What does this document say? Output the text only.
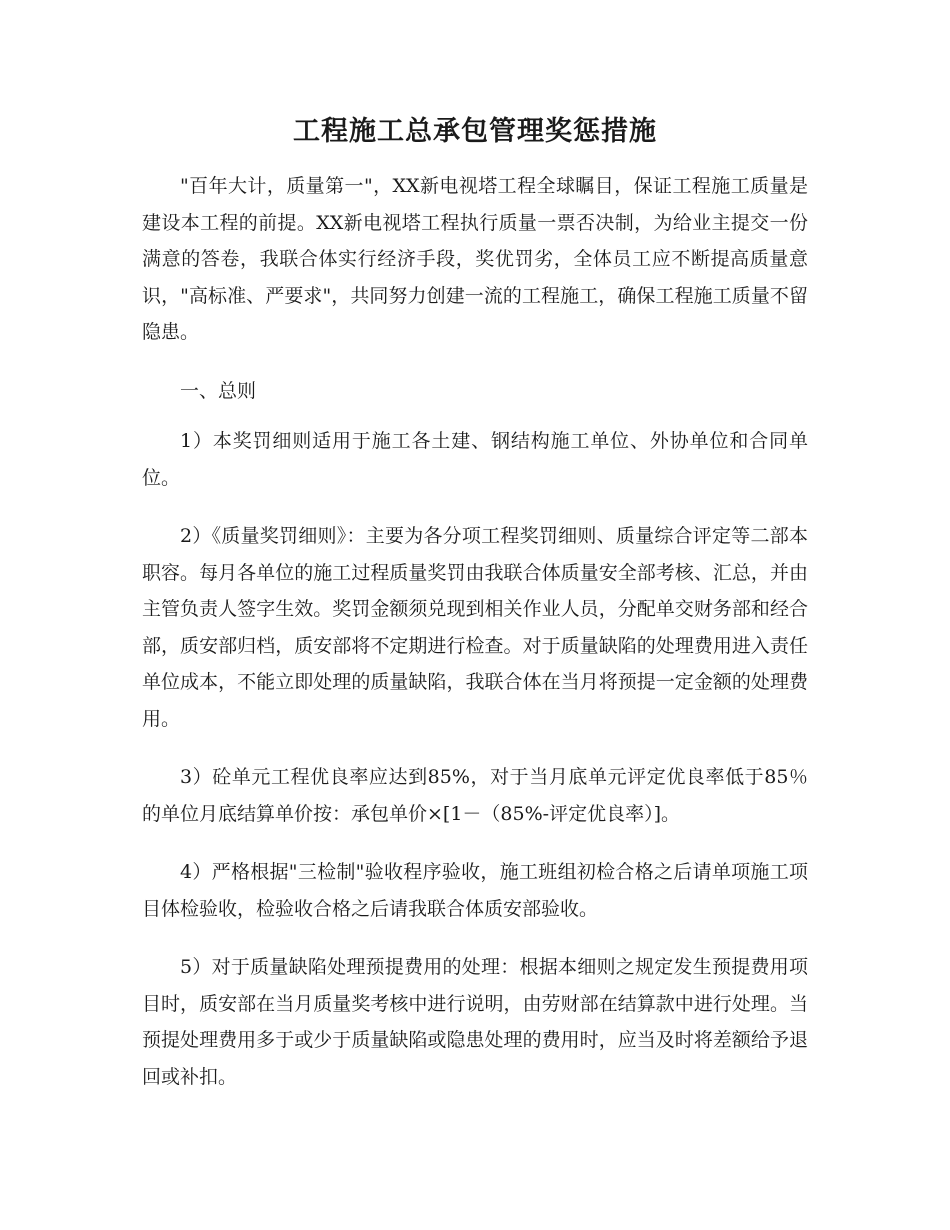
工程施工总承包管理奖惩措施

"百年大计，质量第一"，XX新电视塔工程全球瞩目，保证工程施工质量是建设本工程的前提。XX新电视塔工程执行质量一票否决制，为给业主提交一份满意的答卷，我联合体实行经济手段，奖优罚劣，全体员工应不断提高质量意识，"高标准、严要求"，共同努力创建一流的工程施工，确保工程施工质量不留隐患。

一、总则

1）本奖罚细则适用于施工各土建、钢结构施工单位、外协单位和合同单位。

2）《质量奖罚细则》：主要为各分项工程奖罚细则、质量综合评定等二部本职容。每月各单位的施工过程质量奖罚由我联合体质量安全部考核、汇总，并由主管负责人签字生效。奖罚金额须兑现到相关作业人员，分配单交财务部和经合部，质安部归档，质安部将不定期进行检查。对于质量缺陷的处理费用进入责任单位成本，不能立即处理的质量缺陷，我联合体在当月将预提一定金额的处理费用。

3）砼单元工程优良率应达到85%，对于当月底单元评定优良率低于85％的单位月底结算单价按：承包单价×[1－（85%-评定优良率）]。

4）严格根据"三检制"验收程序验收，施工班组初检合格之后请单项施工项目体检验收，检验收合格之后请我联合体质安部验收。

5）对于质量缺陷处理预提费用的处理：根据本细则之规定发生预提费用项目时，质安部在当月质量奖考核中进行说明，由劳财部在结算款中进行处理。当预提处理费用多于或少于质量缺陷或隐患处理的费用时，应当及时将差额给予退回或补扣。
